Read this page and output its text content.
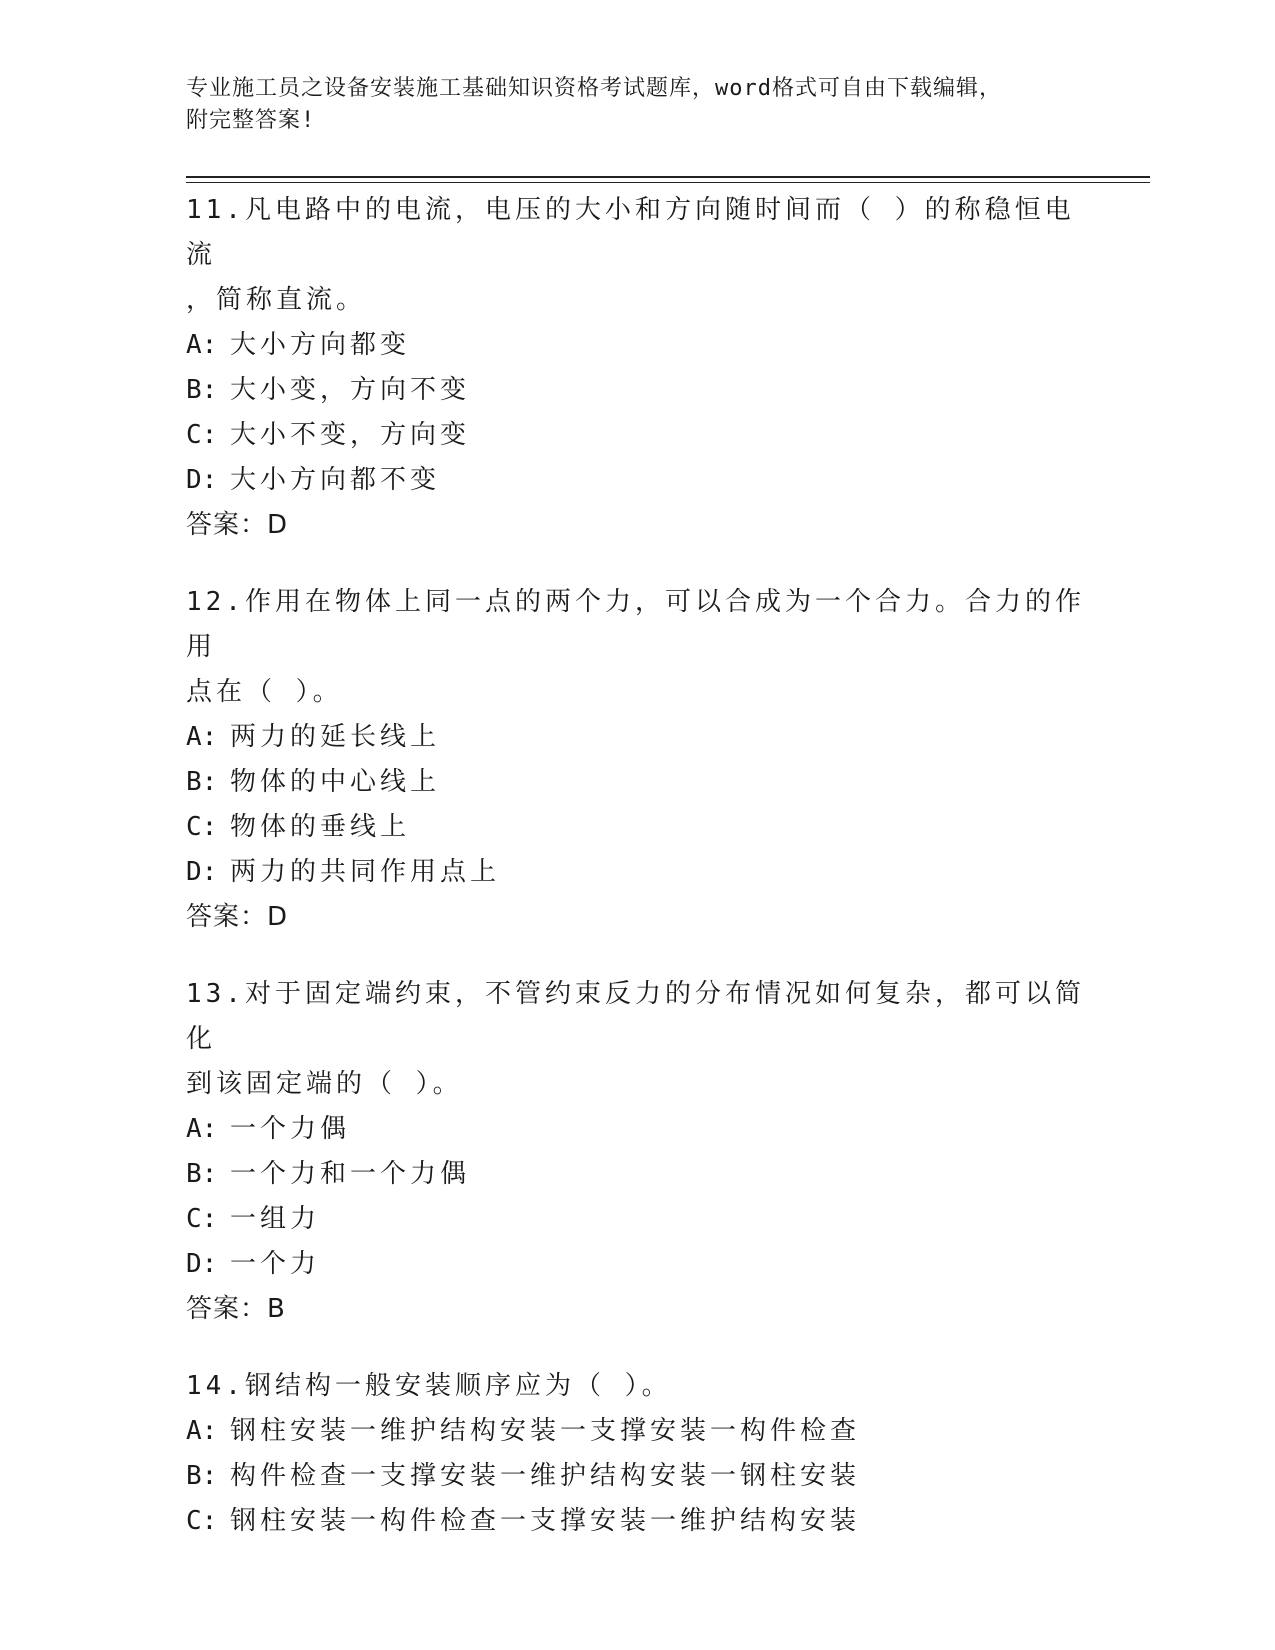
专业施工员之设备安装施工基础知识资格考试题库，word格式可自由下载编辑，
附完整答案!
11.凡电路中的电流，电压的大小和方向随时间而（ ）的称稳恒电流
，简称直流。
A: 大小方向都变
B: 大小变，方向不变
C: 大小不变，方向变
D: 大小方向都不变
答案：D
12.作用在物体上同一点的两个力，可以合成为一个合力。合力的作用
点在（ ）。
A: 两力的延长线上
B: 物体的中心线上
C: 物体的垂线上
D: 两力的共同作用点上
答案：D
13.对于固定端约束，不管约束反力的分布情况如何复杂，都可以简化
到该固定端的（ ）。
A: 一个力偶
B: 一个力和一个力偶
C: 一组力
D: 一个力
答案：B
14.钢结构一般安装顺序应为（ ）。
A: 钢柱安装一维护结构安装一支撑安装一构件检查
B: 构件检查一支撑安装一维护结构安装一钢柱安装
C: 钢柱安装一构件检查一支撑安装一维护结构安装
